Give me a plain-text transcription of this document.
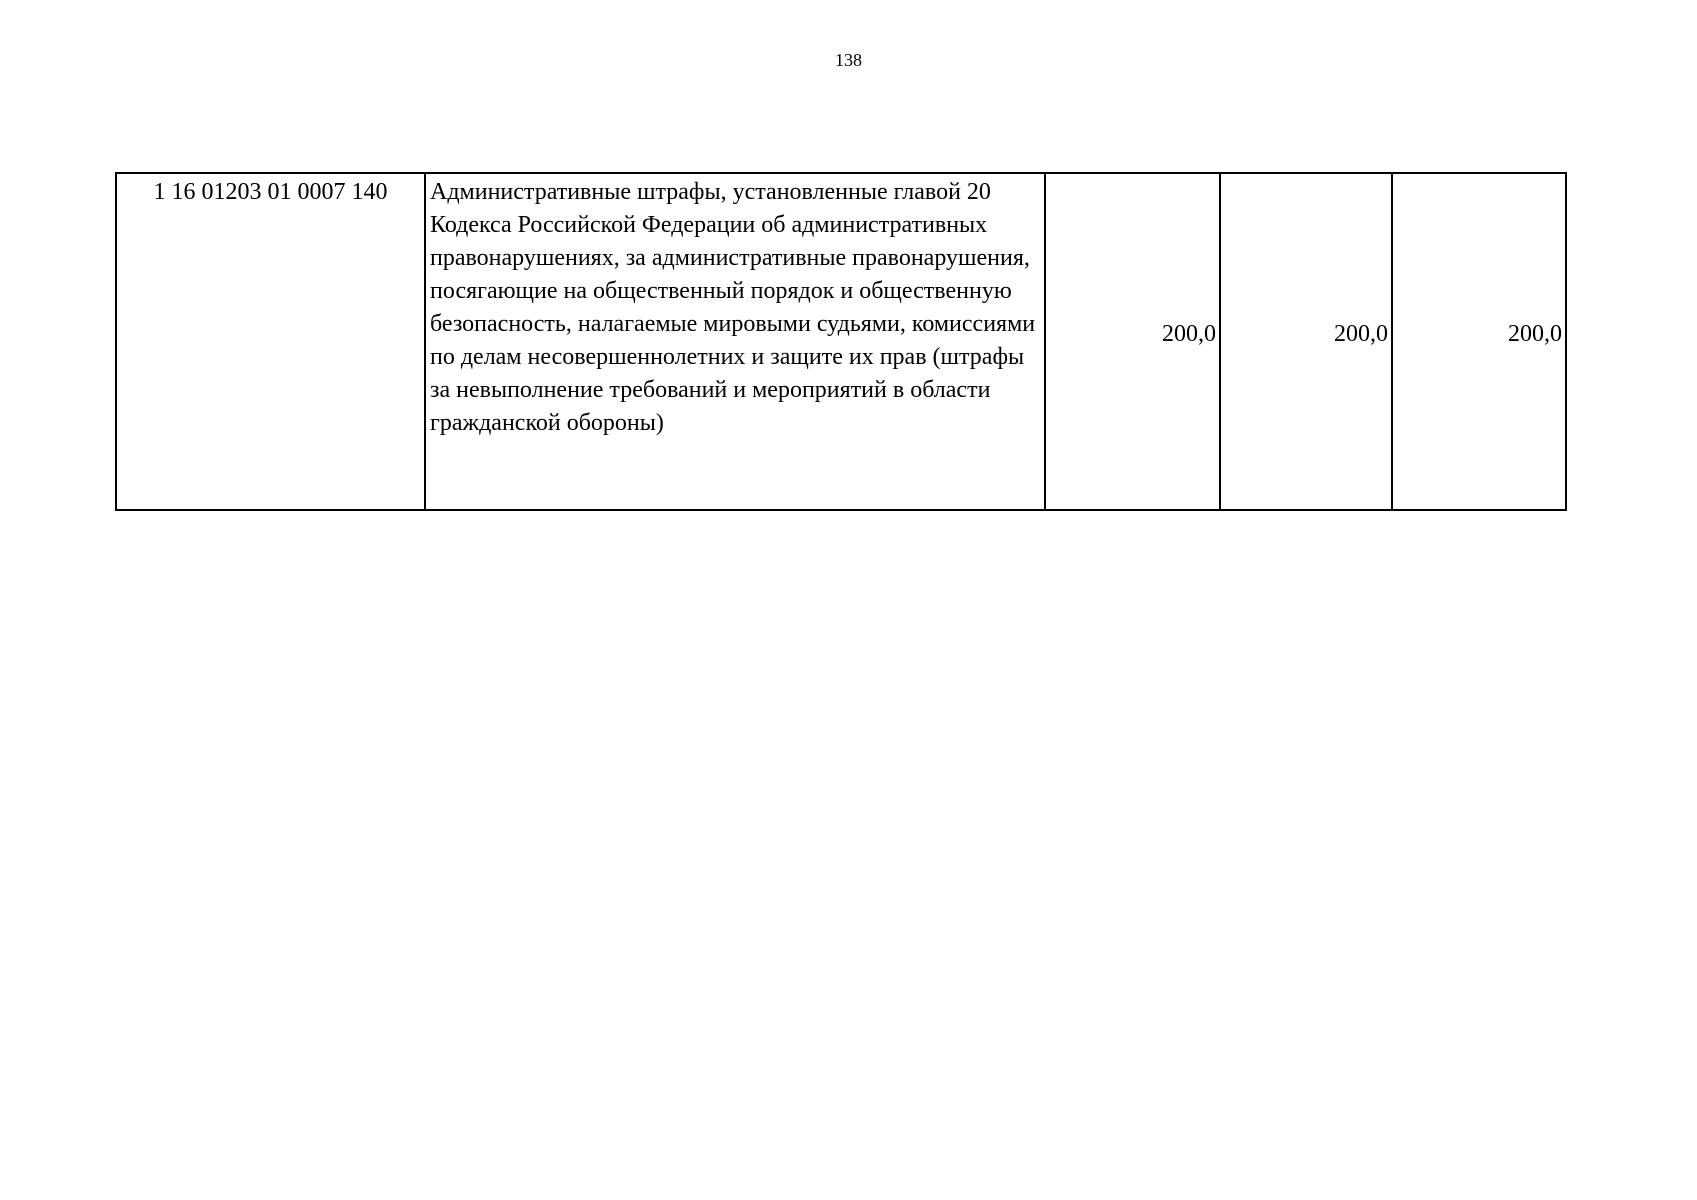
138
1 16 01203 01 0007 140	Административные штрафы, установленные главой 20 Кодекса Российской Федерации об административных правонарушениях, за административные правонарушения, посягающие на общественный порядок и общественную безопасность, налагаемые мировыми судьями, комиссиями по делам несовершеннолетних и защите их прав (штрафы за невыполнение требований и мероприятий в области гражданской обороны)	200,0	200,0	200,0
